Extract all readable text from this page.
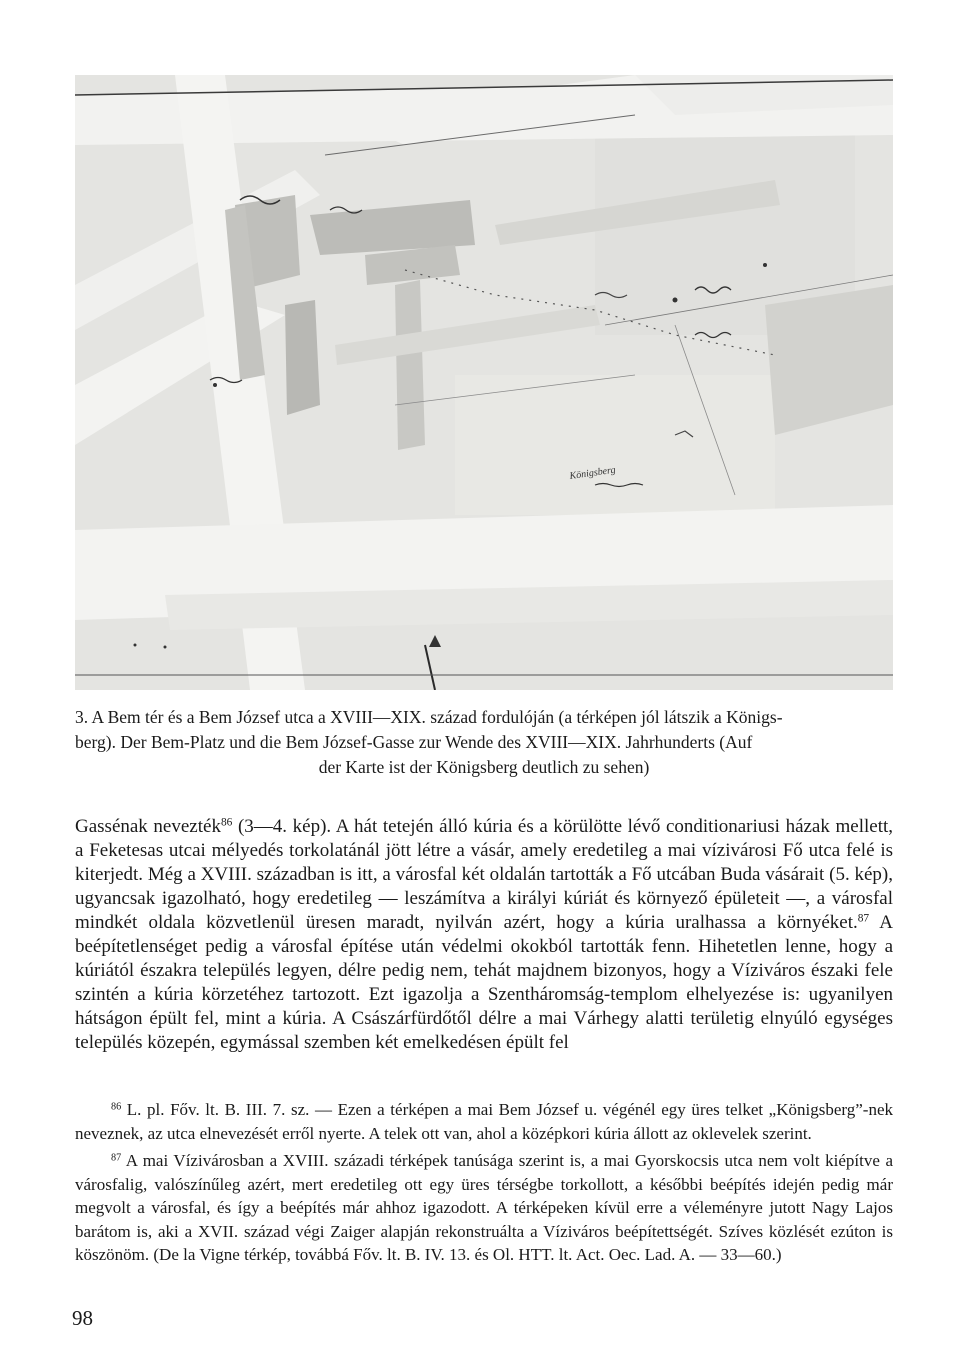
Königsberg
3. A Bem tér és a Bem József utca a XVIII—XIX. század fordulóján (a térképen jól látszik a Königs-
berg). Der Bem-Platz und die Bem József-Gasse zur Wende des XVIII—XIX. Jahrhunderts (Auf
der Karte ist der Königsberg deutlich zu sehen)
Gassénak nevezték$^{86}$ (3—4. kép). A hát tetején álló kúria és a körülötte lévő conditionariusi házak mellett, a Feketesas utcai mélyedés torkolatánál jött létre a vásár, amely eredetileg a mai vízivárosi Fő utca felé is kiterjedt. Még a XVIII. században is itt, a városfal két oldalán tartották a Fő utcában Buda vásárait (5. kép), ugyancsak igazolható, hogy eredetileg — leszámítva a királyi kúriát és környező épületeit —, a városfal mindkét oldala közvetlenül üresen maradt, nyilván azért, hogy a kúria uralhassa a környéket.$^{87}$ A beépítetlenséget pedig a városfal építése után védelmi okokból tartották fenn. Hihetetlen lenne, hogy a kúriától északra település legyen, délre pedig nem, tehát majdnem bizonyos, hogy a Víziváros északi fele szintén a kúria körzetéhez tartozott. Ezt igazolja a Szentháromság-templom elhelyezése is: ugyanilyen hátságon épült fel, mint a kúria. A Császárfürdőtől délre a mai Várhegy alatti területig elnyúló egységes település közepén, egymással szemben két emelkedésen épült fel

$^{86}$ L. pl. Főv. lt. B. III. 7. sz. — Ezen a térképen a mai Bem József u. végénél egy üres telket „Königsberg”-nek neveznek, az utca elnevezését erről nyerte. A telek ott van, ahol a középkori kúria állott az oklevelek szerint.

$^{87}$ A mai Vízivárosban a XVIII. századi térképek tanúsága szerint is, a mai Gyorskocsis utca nem volt kiépítve a városfalig, valószínűleg azért, mert eredetileg ott egy üres térségbe torkollott, a későbbi beépítés idején pedig már megvolt a városfal, és így a beépítés már ahhoz igazodott. A térképeken kívül erre a véleményre jutott Nagy Lajos barátom is, aki a XVII. század végi Zaiger alapján rekonstruálta a Víziváros beépítettségét. Szíves közlését ezúton is köszönöm. (De la Vigne térkép, továbbá Főv. lt. B. IV. 13. és Ol. HTT. lt. Act. Oec. Lad. A. — 33—60.)

98
